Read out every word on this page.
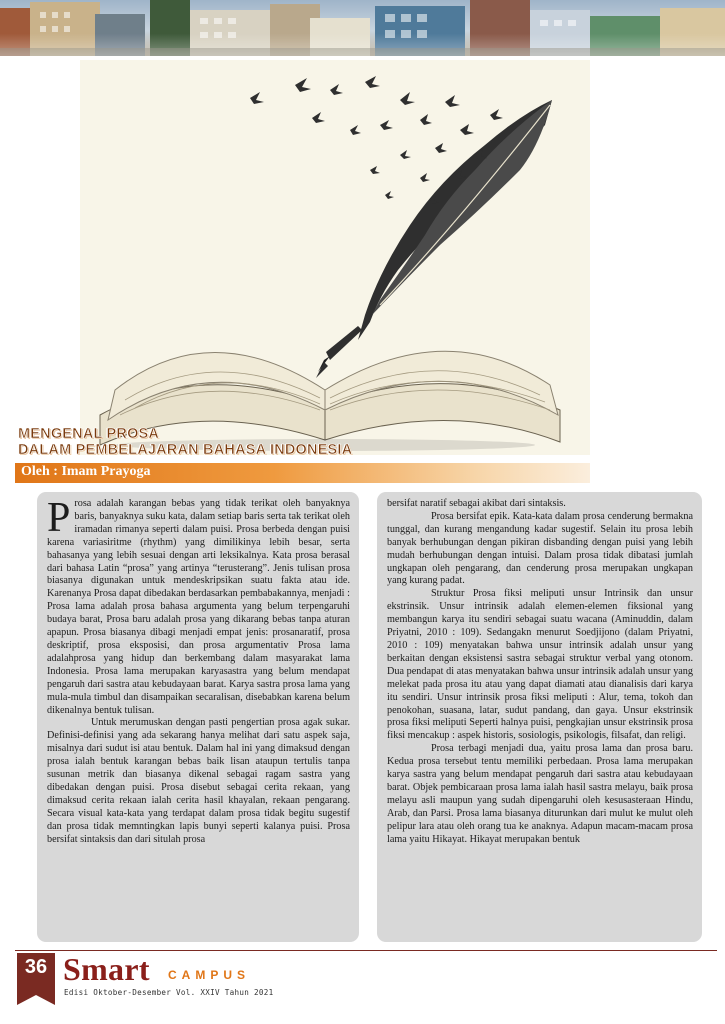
MENGENAL PROSA
DALAM PEMBELAJARAN BAHASA INDONESIA
Oleh : Imam Prayoga

Prosa adalah karangan bebas yang tidak terikat oleh banyaknya baris, banyaknya suku kata, dalam setiap baris serta tak terikat oleh iramadan rimanya seperti dalam puisi. Prosa berbeda dengan puisi karena variasiritme (rhythm) yang dimilikinya lebih besar, serta bahasanya yang lebih sesuai dengan arti leksikalnya. Kata prosa berasal dari bahasa Latin “prosa” yang artinya “terusterang”. Jenis tulisan prosa biasanya digunakan untuk mendeskripsikan suatu fakta atau ide. Karenanya Prosa dapat dibedakan berdasarkan pembabakannya, menjadi : Prosa lama adalah prosa bahasa argumenta yang belum terpengaruhi budaya barat, Prosa baru adalah prosa yang dikarang bebas tanpa aturan apapun. Prosa biasanya dibagi menjadi empat jenis: prosanaratif, prosa deskriptif, prosa eksposisi, dan prosa argumentativ Prosa lama adalahprosa yang hidup dan berkembang dalam masyarakat lama Indonesia. Prosa lama merupakan karyasastra yang belum mendapat pengaruh dari sastra atau kebudayaan barat. Karya sastra prosa lama yang mula-mula timbul dan disampaikan secaralisan, disebabkan karena belum dikenalnya bentuk tulisan.

Untuk merumuskan dengan pasti pengertian prosa agak sukar. Definisi-definisi yang ada sekarang hanya melihat dari satu aspek saja, misalnya dari sudut isi atau bentuk. Dalam hal ini yang dimaksud dengan prosa ialah bentuk karangan bebas baik lisan ataupun tertulis tanpa susunan metrik dan biasanya dikenal sebagai ragam sastra yang dibedakan dengan puisi. Prosa disebut sebagai cerita rekaan, yang dimaksud cerita rekaan ialah cerita hasil khayalan, rekaan pengarang. Secara visual kata-kata yang terdapat dalam prosa tidak begitu sugestif dan prosa tidak memntingkan lapis bunyi seperti kalanya puisi. Prosa bersifat sintaksis dan dari situlah prosa

bersifat naratif sebagai akibat dari sintaksis.

Prosa bersifat epik. Kata-kata dalam prosa cenderung bermakna tunggal, dan kurang mengandung kadar sugestif. Selain itu prosa lebih banyak berhubungan dengan pikiran disbanding dengan puisi yang lebih mudah berhubungan dengan intuisi. Dalam prosa tidak dibatasi jumlah ungkapan oleh pengarang, dan cenderung prosa merupakan ungkapan yang kurang padat.

Struktur Prosa fiksi meliputi unsur Intrinsik dan unsur ekstrinsik. Unsur intrinsik adalah elemen-elemen fiksional yang membangun karya itu sendiri sebagai suatu wacana (Aminuddin, dalam Priyatni, 2010 : 109). Sedangakn menurut Soedjijono (dalam Priyatni, 2010 : 109) menyatakan bahwa unsur intrinsik adalah unsur yang berkaitan dengan eksistensi sastra sebagai struktur verbal yang otonom. Dua pendapat di atas menyatakan bahwa unsur intrinsik adalah unsur yang melekat pada prosa itu atau yang dapat diamati atau dianalisis dari karya itu sendiri. Unsur intrinsik prosa fiksi meliputi : Alur, tema, tokoh dan penokohan, suasana, latar, sudut pandang, dan gaya. Unsur ekstrinsik prosa fiksi meliputi Seperti halnya puisi, pengkajian unsur ekstrinsik prosa fiksi mencakup : aspek historis, sosiologis, psikologis, filsafat, dan religi.

Prosa terbagi menjadi dua, yaitu prosa lama dan prosa baru. Kedua prosa tersebut tentu memiliki perbedaan. Prosa lama merupakan karya sastra yang belum mendapat pengaruh dari sastra atau kebudayaan barat. Objek pembicaraan prosa lama ialah hasil sastra melayu, baik prosa melayu asli maupun yang sudah dipengaruhi oleh kesusasteraan Hindu, Arab, dan Parsi. Prosa lama biasanya diturunkan dari mulut ke mulut oleh pelipur lara atau oleh orang tua ke anaknya. Adapun macam-macam prosa lama yaitu Hikayat. Hikayat merupakan bentuk

36 Smart CAMPUS
Edisi Oktober-Desember Vol. XXIV Tahun 2021
